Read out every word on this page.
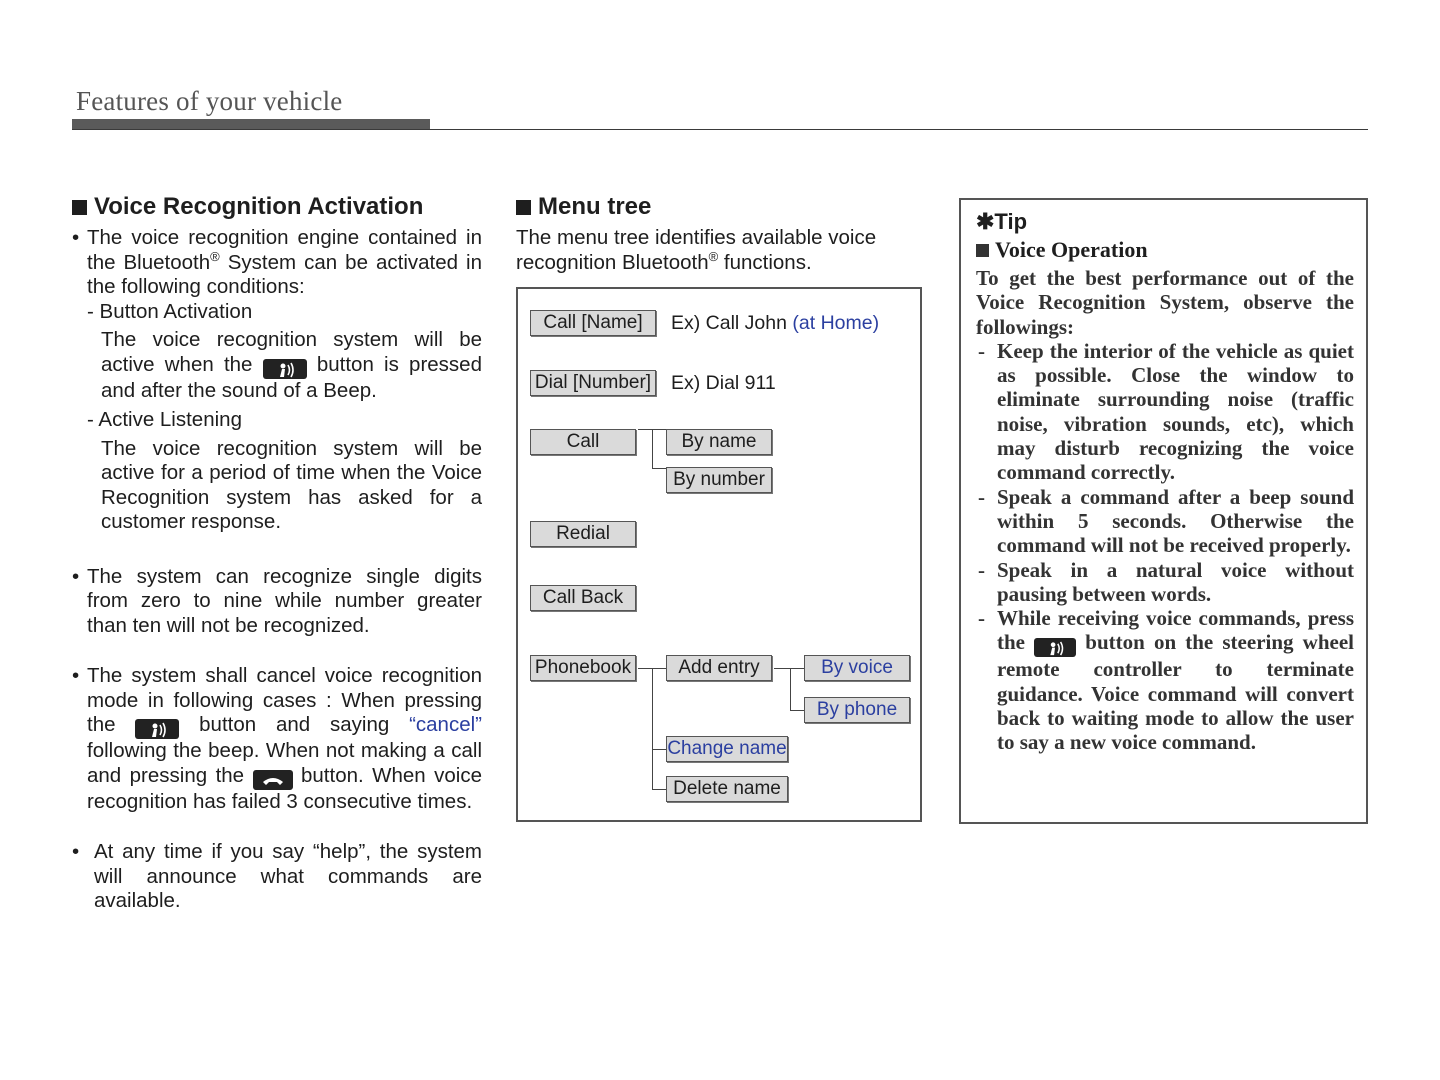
Features of your vehicle
Voice Recognition Activation
• The voice recognition engine contained in the Bluetooth® System can be activated in the following conditions:
- Button Activation
The voice recognition system will be active when the  button is pressed and after the sound of a Beep.
- Active Listening
The voice recognition system will be active for a period of time when the Voice Recognition system has asked for a customer response.
• The system can recognize single digits from zero to nine while number greater than ten will not be recognized.
• The system shall cancel voice recognition mode in following cases : When pressing the  button and saying “cancel” following the beep. When not making a call and pressing the  button. When voice recognition has failed 3 consecutive times.
• At any time if you say “help”, the system will announce what commands are available.
Menu tree
The menu tree identifies available voice recognition Bluetooth® functions.
Call [Name]	Ex) Call John (at Home)
Dial [Number] Ex) Dial 911
Call	By name
By number
Redial
Call Back
Phonebook	Add entry	By voice
By phone
Change name
Delete name
✱Tip
Voice Operation
To get the best performance out of the Voice Recognition System, observe the followings:
- Keep the interior of the vehicle as quiet as possible. Close the window to eliminate surrounding noise (traffic noise, vibration sounds, etc), which may disturb recognizing the voice command correctly.
- Speak a command after a beep sound within 5 seconds. Otherwise the command will not be received properly.
- Speak in a natural voice without pausing between words.
- While receiving voice commands, press the  button on the steering wheel remote controller to terminate guidance. Voice command will convert back to waiting mode to allow the user to say a new voice command.
